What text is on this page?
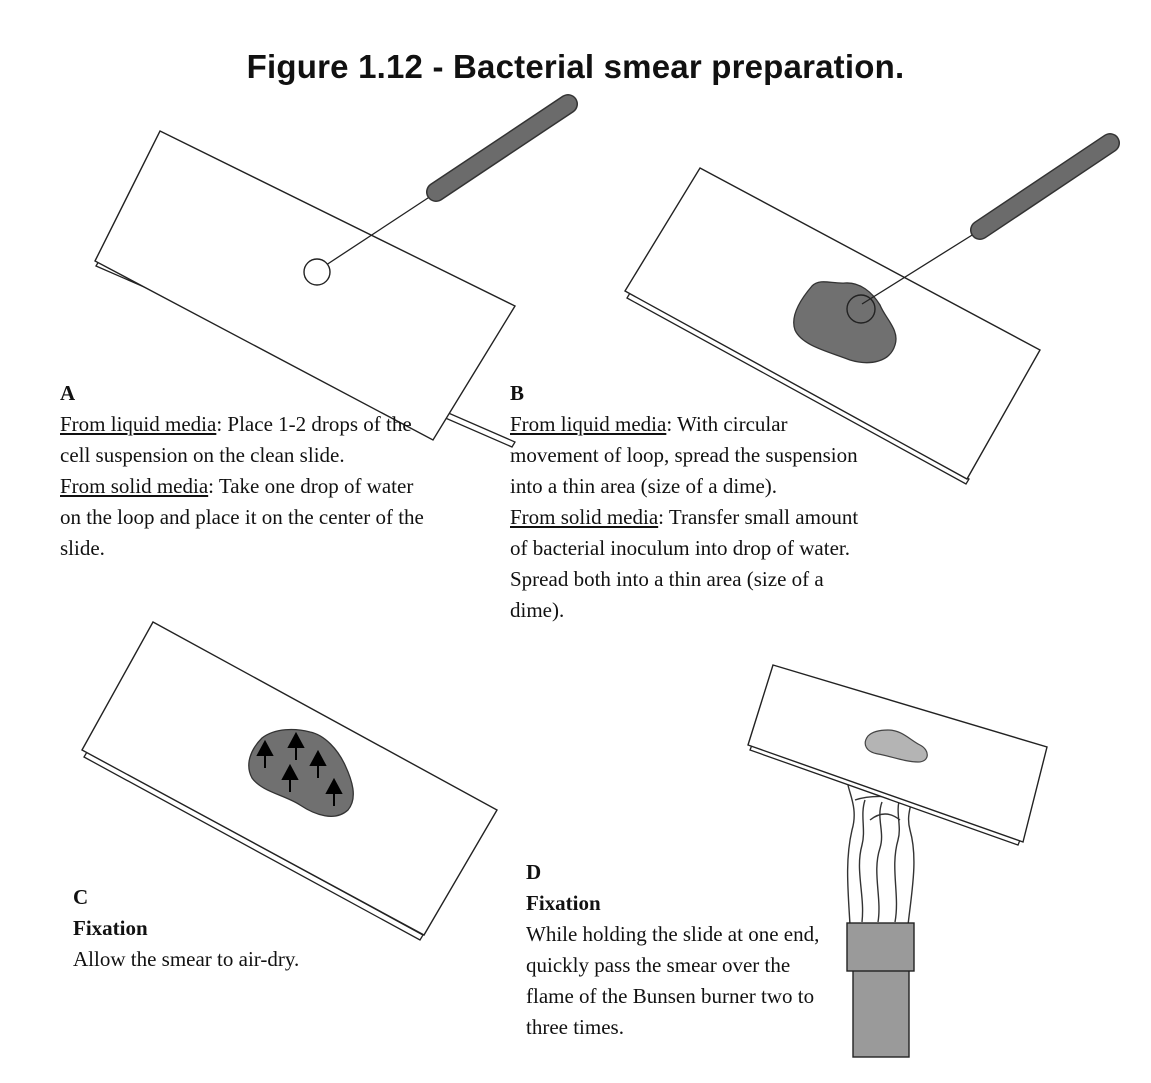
Figure 1.12 - Bacterial smear preparation.
A
From liquid media: Place 1-2 drops of the cell suspension on the clean slide.
From solid media: Take one drop of water on the loop and place it on the center of the slide.
B
From liquid media: With circular movement of loop, spread the suspension into a thin area (size of a dime).
From solid media: Transfer small amount of bacterial inoculum into drop of water. Spread both into a thin area (size of a dime).
C
Fixation
Allow the smear to air-dry.
D
Fixation
While holding the slide at one end, quickly pass the smear over the flame of the Bunsen burner two to three times.
